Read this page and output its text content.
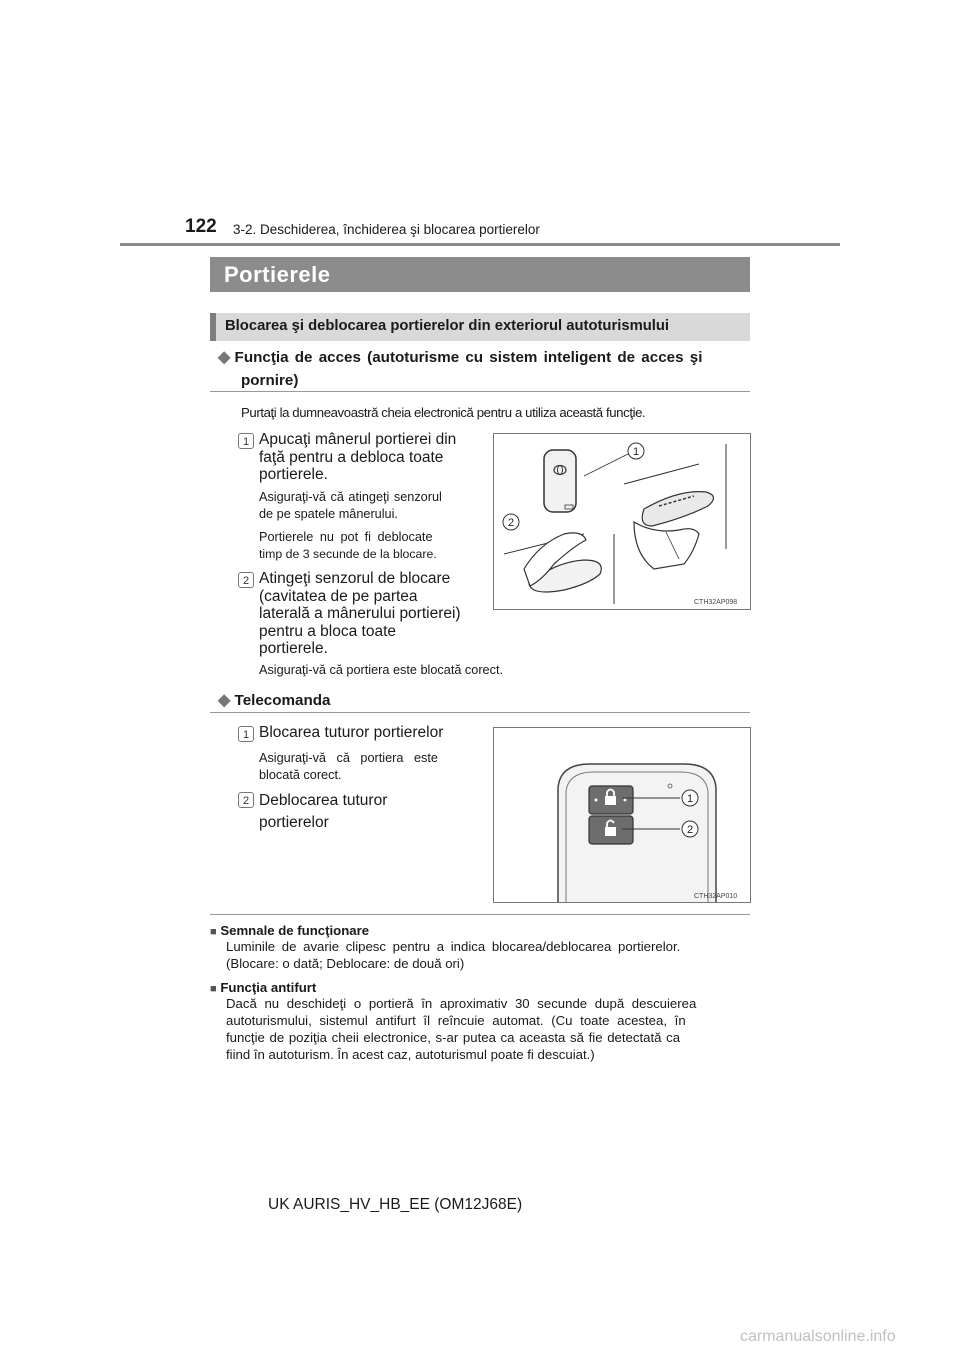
122 3-2. Deschiderea, închiderea şi blocarea portierelor
Portierele
Blocarea şi deblocarea portierelor din exteriorul autoturismului
◆ Funcţia de acces (autoturisme cu sistem inteligent de acces şi
pornire)
Purtaţi la dumneavoastră cheia electronică pentru a utiliza această funcţie.
1 Apucaţi mânerul portierei din
faţă pentru a debloca toate
portierele.
Asiguraţi-vă că atingeţi senzorul
de pe spatele mânerului.
Portierele nu pot fi deblocate
timp de 3 secunde de la blocare.
2 Atingeţi senzorul de blocare
(cavitatea de pe partea
laterală a mânerului portierei)
pentru a bloca toate
portierele.
Asiguraţi-vă că portiera este blocată corect.
1
2
CTH32AP098
◆ Telecomanda
1 Blocarea tuturor portierelor
Asiguraţi-vă că portiera este
blocată corect.
2 Deblocarea tuturor
portierelor
1
2
CTH32AP010
■ Semnale de funcţionare
Luminile de avarie clipesc pentru a indica blocarea/deblocarea portierelor.
(Blocare: o dată; Deblocare: de două ori)
■ Funcţia antifurt
Dacă nu deschideţi o portieră în aproximativ 30 secunde după descuierea
autoturismului, sistemul antifurt îl reîncuie automat. (Cu toate acestea, în
funcţie de poziţia cheii electronice, s-ar putea ca aceasta să fie detectată ca
fiind în autoturism. În acest caz, autoturismul poate fi descuiat.)
UK AURIS_HV_HB_EE (OM12J68E)
carmanualsonline.info
